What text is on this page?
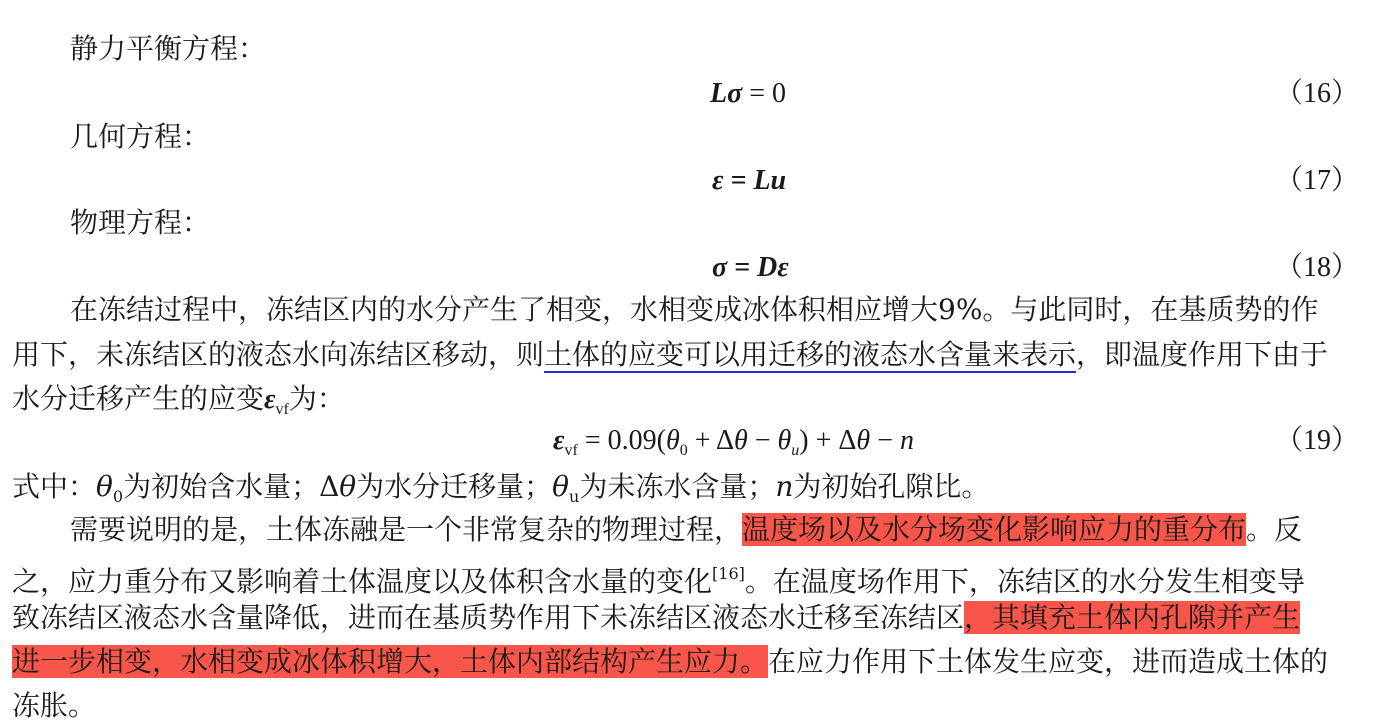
静力平衡方程：
Lσ = 0	（16）
几何方程：
ε = Lu	（17）
物理方程：
σ = Dε	（18）
在冻结过程中，冻结区内的水分产生了相变，水相变成冰体积相应增大9%。与此同时，在基质势的作
用下，未冻结区的液态水向冻结区移动，则土体的应变可以用迁移的液态水含量来表示，即温度作用下由于
水分迁移产生的应变$\varepsilon_{vf}$为：
$\varepsilon_{vf} = 0.09(\theta_0 + \Delta\theta - \theta_u) + \Delta\theta - n$	（19）
式中：$\theta_0$为初始含水量；Δθ为水分迁移量；$\theta_u$为未冻水含量；n为初始孔隙比。
需要说明的是，土体冻融是一个非常复杂的物理过程，温度场以及水分场变化影响应力的重分布。反
之，应力重分布又影响着土体温度以及体积含水量的变化[16]。在温度场作用下，冻结区的水分发生相变导
致冻结区液态水含量降低，进而在基质势作用下未冻结区液态水迁移至冻结区，其填充土体内孔隙并产生
进一步相变，水相变成冰体积增大，土体内部结构产生应力。在应力作用下土体发生应变，进而造成土体的
冻胀。
